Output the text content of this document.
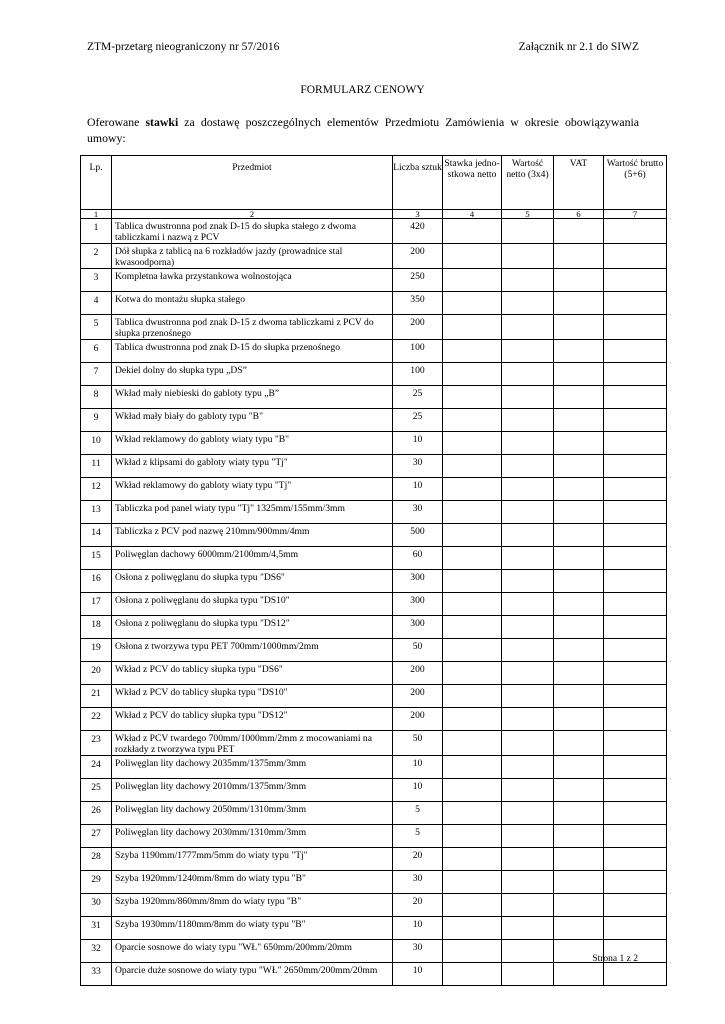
ZTM-przetarg nieograniczony nr 57/2016	Załącznik nr 2.1 do SIWZ
FORMULARZ CENOWY
Oferowane stawki za dostawę poszczególnych elementów Przedmiotu Zamówienia w okresie obowiązywania umowy:
Lp.	Przedmiot	Liczba sztuk	Stawka jedno-stkowa netto	Wartość netto (3x4)	VAT	Wartość brutto (5+6)

1	2	3	4	5	6	7
1	Tablica dwustronna pod znak D-15 do słupka stałego z dwoma tabliczkami i nazwą z PCV	420				
2	Dół słupka z tablicą na 6 rozkładów jazdy (prowadnice stal kwasoodporna)	200				
3	Kompletna ławka przystankowa wolnostojąca	250				
4	Kotwa do montażu słupka stałego	350				
5	Tablica dwustronna pod znak D-15 z dwoma tabliczkami z PCV do słupka przenośnego	200				
6	Tablica dwustronna pod znak D-15 do słupka przenośnego	100				
7	Dekiel dolny do słupka typu „DS”	100				
8	Wkład mały niebieski do gabloty typu „B”	25				
9	Wkład mały biały do gabloty typu "B"	25				
10	Wkład reklamowy do gabloty wiaty typu "B"	10				
11	Wkład z klipsami do gabloty wiaty typu "Tj"	30				
12	Wkład reklamowy do gabloty wiaty typu "Tj"	10				
13	Tabliczka pod panel wiaty typu "Tj" 1325mm/155mm/3mm	30				
14	Tabliczka z PCV pod nazwę 210mm/900mm/4mm	500				
15	Poliwęglan dachowy 6000mm/2100mm/4,5mm	60				
16	Osłona z poliwęglanu do słupka typu "DS6"	300				
17	Osłona z poliwęglanu do słupka typu "DS10"	300				
18	Osłona z poliwęglanu do słupka typu "DS12"	300				
19	Osłona z tworzywa typu PET 700mm/1000mm/2mm	50				
20	Wkład z PCV do tablicy słupka typu "DS6"	200				
21	Wkład z PCV do tablicy słupka typu "DS10"	200				
22	Wkład z PCV do tablicy słupka typu "DS12"	200				
23	Wkład z PCV twardego 700mm/1000mm/2mm z mocowaniami na rozkłady z tworzywa typu PET	50				
24	Poliwęglan lity dachowy 2035mm/1375mm/3mm	10				
25	Poliwęglan lity dachowy 2010mm/1375mm/3mm	10				
26	Poliwęglan lity dachowy 2050mm/1310mm/3mm	5				
27	Poliwęglan lity dachowy 2030mm/1310mm/3mm	5				
28	Szyba 1190mm/1777mm/5mm do wiaty typu "Tj"	20				
29	Szyba 1920mm/1240mm/8mm do wiaty typu "B"	30				
30	Szyba 1920mm/860mm/8mm do wiaty typu "B"	20				
31	Szyba 1930mm/1180mm/8mm do wiaty typu "B"	10				
32	Oparcie sosnowe do wiaty typu "WŁ" 650mm/200mm/20mm	30				
33	Oparcie duże sosnowe do wiaty typu "WŁ" 2650mm/200mm/20mm	10				
Strona 1 z 2
